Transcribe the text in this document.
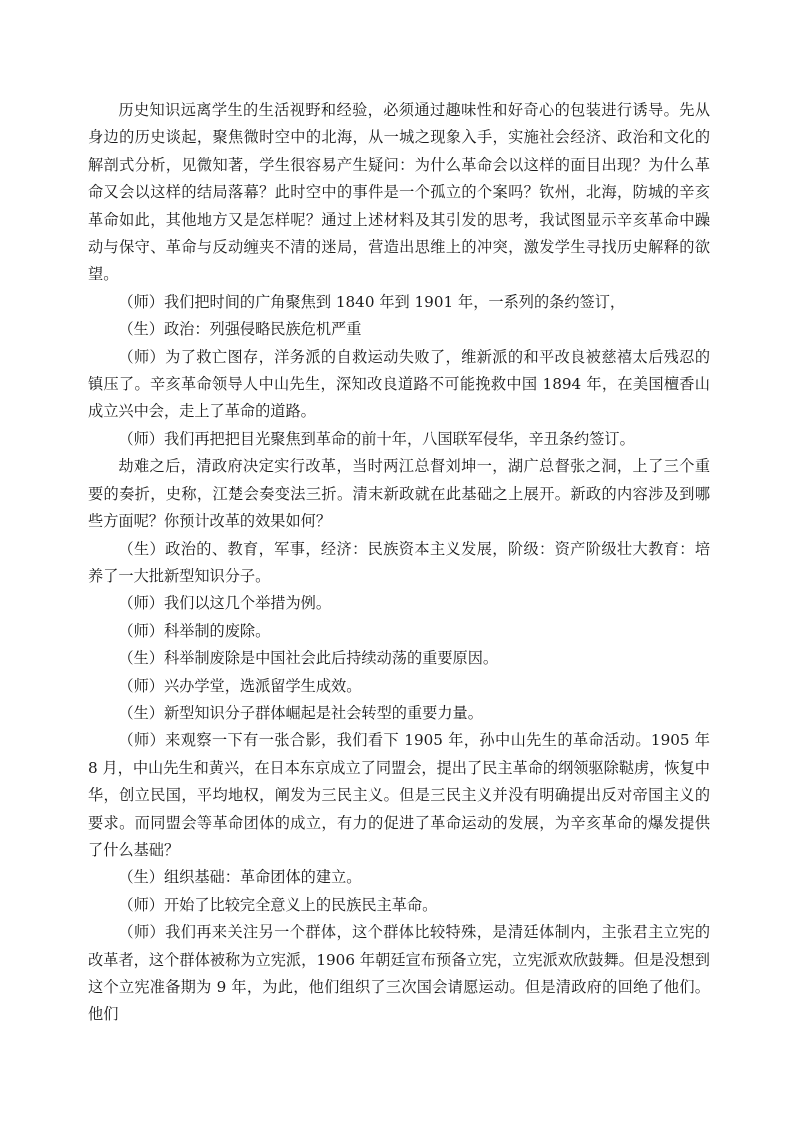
历史知识远离学生的生活视野和经验，必须通过趣味性和好奇心的包装进行诱导。先从身边的历史谈起，聚焦微时空中的北海，从一城之现象入手，实施社会经济、政治和文化的解剖式分析，见微知著，学生很容易产生疑问：为什么革命会以这样的面目出现？为什么革命又会以这样的结局落幕？此时空中的事件是一个孤立的个案吗？钦州，北海，防城的辛亥革命如此，其他地方又是怎样呢？通过上述材料及其引发的思考，我试图显示辛亥革命中躁动与保守、革命与反动缠夹不清的迷局，营造出思维上的冲突，激发学生寻找历史解释的欲望。

（师）我们把时间的广角聚焦到 1840 年到 1901 年，一系列的条约签订，

（生）政治：列强侵略民族危机严重

（师）为了救亡图存，洋务派的自救运动失败了，维新派的和平改良被慈禧太后残忍的镇压了。辛亥革命领导人中山先生，深知改良道路不可能挽救中国 1894 年，在美国檀香山成立兴中会，走上了革命的道路。

（师）我们再把把目光聚焦到革命的前十年，八国联军侵华，辛丑条约签订。

劫难之后，清政府决定实行改革，当时两江总督刘坤一，湖广总督张之洞，上了三个重要的奏折，史称，江楚会奏变法三折。清末新政就在此基础之上展开。新政的内容涉及到哪些方面呢？你预计改革的效果如何？

（生）政治的、教育，军事，经济：民族资本主义发展，阶级：资产阶级壮大教育：培养了一大批新型知识分子。

（师）我们以这几个举措为例。

（师）科举制的废除。

（生）科举制废除是中国社会此后持续动荡的重要原因。

（师）兴办学堂，选派留学生成效。

（生）新型知识分子群体崛起是社会转型的重要力量。

（师）来观察一下有一张合影，我们看下 1905 年，孙中山先生的革命活动。1905 年 8 月，中山先生和黄兴，在日本东京成立了同盟会，提出了民主革命的纲领驱除鞑虏，恢复中华，创立民国，平均地权，阐发为三民主义。但是三民主义并没有明确提出反对帝国主义的要求。而同盟会等革命团体的成立，有力的促进了革命运动的发展，为辛亥革命的爆发提供了什么基础？

（生）组织基础：革命团体的建立。

（师）开始了比较完全意义上的民族民主革命。

（师）我们再来关注另一个群体，这个群体比较特殊，是清廷体制内，主张君主立宪的改革者，这个群体被称为立宪派，1906 年朝廷宣布预备立宪，立宪派欢欣鼓舞。但是没想到这个立宪准备期为 9 年，为此，他们组织了三次国会请愿运动。但是清政府的回绝了他们。他们
